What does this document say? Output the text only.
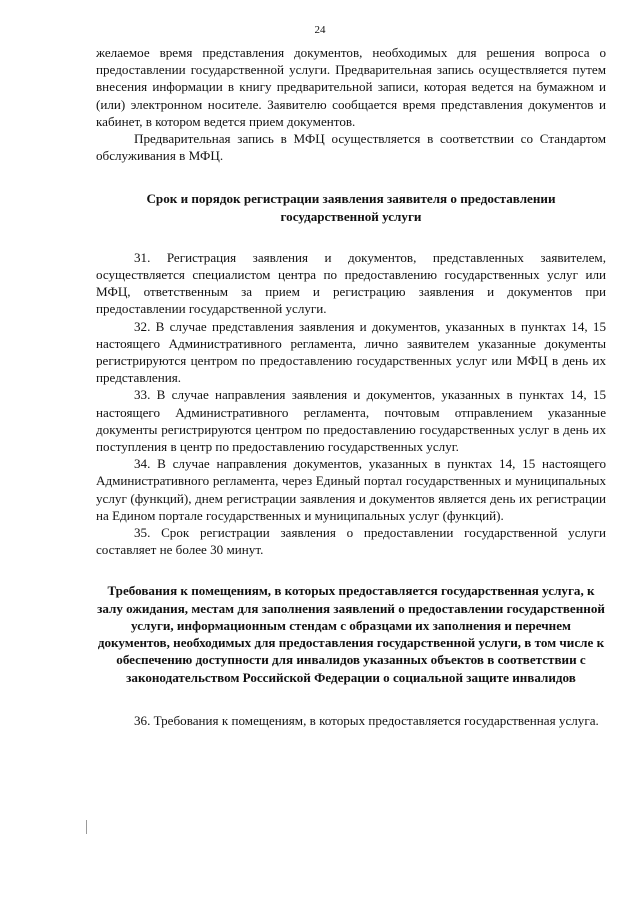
24

желаемое время представления документов, необходимых для решения вопроса о предоставлении государственной услуги. Предварительная запись осуществляется путем внесения информации в книгу предварительной записи, которая ведется на бумажном и (или) электронном носителе. Заявителю сообщается время представления документов и кабинет, в котором ведется прием документов.

Предварительная запись в МФЦ осуществляется в соответствии со Стандартом обслуживания в МФЦ.

Срок и порядок регистрации заявления заявителя о предоставлении государственной услуги

31. Регистрация заявления и документов, представленных заявителем, осуществляется специалистом центра по предоставлению государственных услуг или МФЦ, ответственным за прием и регистрацию заявления и документов при предоставлении государственной услуги.

32. В случае представления заявления и документов, указанных в пунктах 14, 15 настоящего Административного регламента, лично заявителем указанные документы регистрируются центром по предоставлению государственных услуг или МФЦ в день их представления.

33. В случае направления заявления и документов, указанных в пунктах 14, 15 настоящего Административного регламента, почтовым отправлением указанные документы регистрируются центром по предоставлению государственных услуг в день их поступления в центр по предоставлению государственных услуг.

34. В случае направления документов, указанных в пунктах 14, 15 настоящего Административного регламента, через Единый портал государственных и муниципальных услуг (функций), днем регистрации заявления и документов является день их регистрации на Едином портале государственных и муниципальных услуг (функций).

35. Срок регистрации заявления о предоставлении государственной услуги составляет не более 30 минут.

Требования к помещениям, в которых предоставляется государственная услуга, к залу ожидания, местам для заполнения заявлений о предоставлении государственной услуги, информационным стендам с образцами их заполнения и перечнем документов, необходимых для предоставления государственной услуги, в том числе к обеспечению доступности для инвалидов указанных объектов в соответствии с законодательством Российской Федерации о социальной защите инвалидов

36. Требования к помещениям, в которых предоставляется государственная услуга.
